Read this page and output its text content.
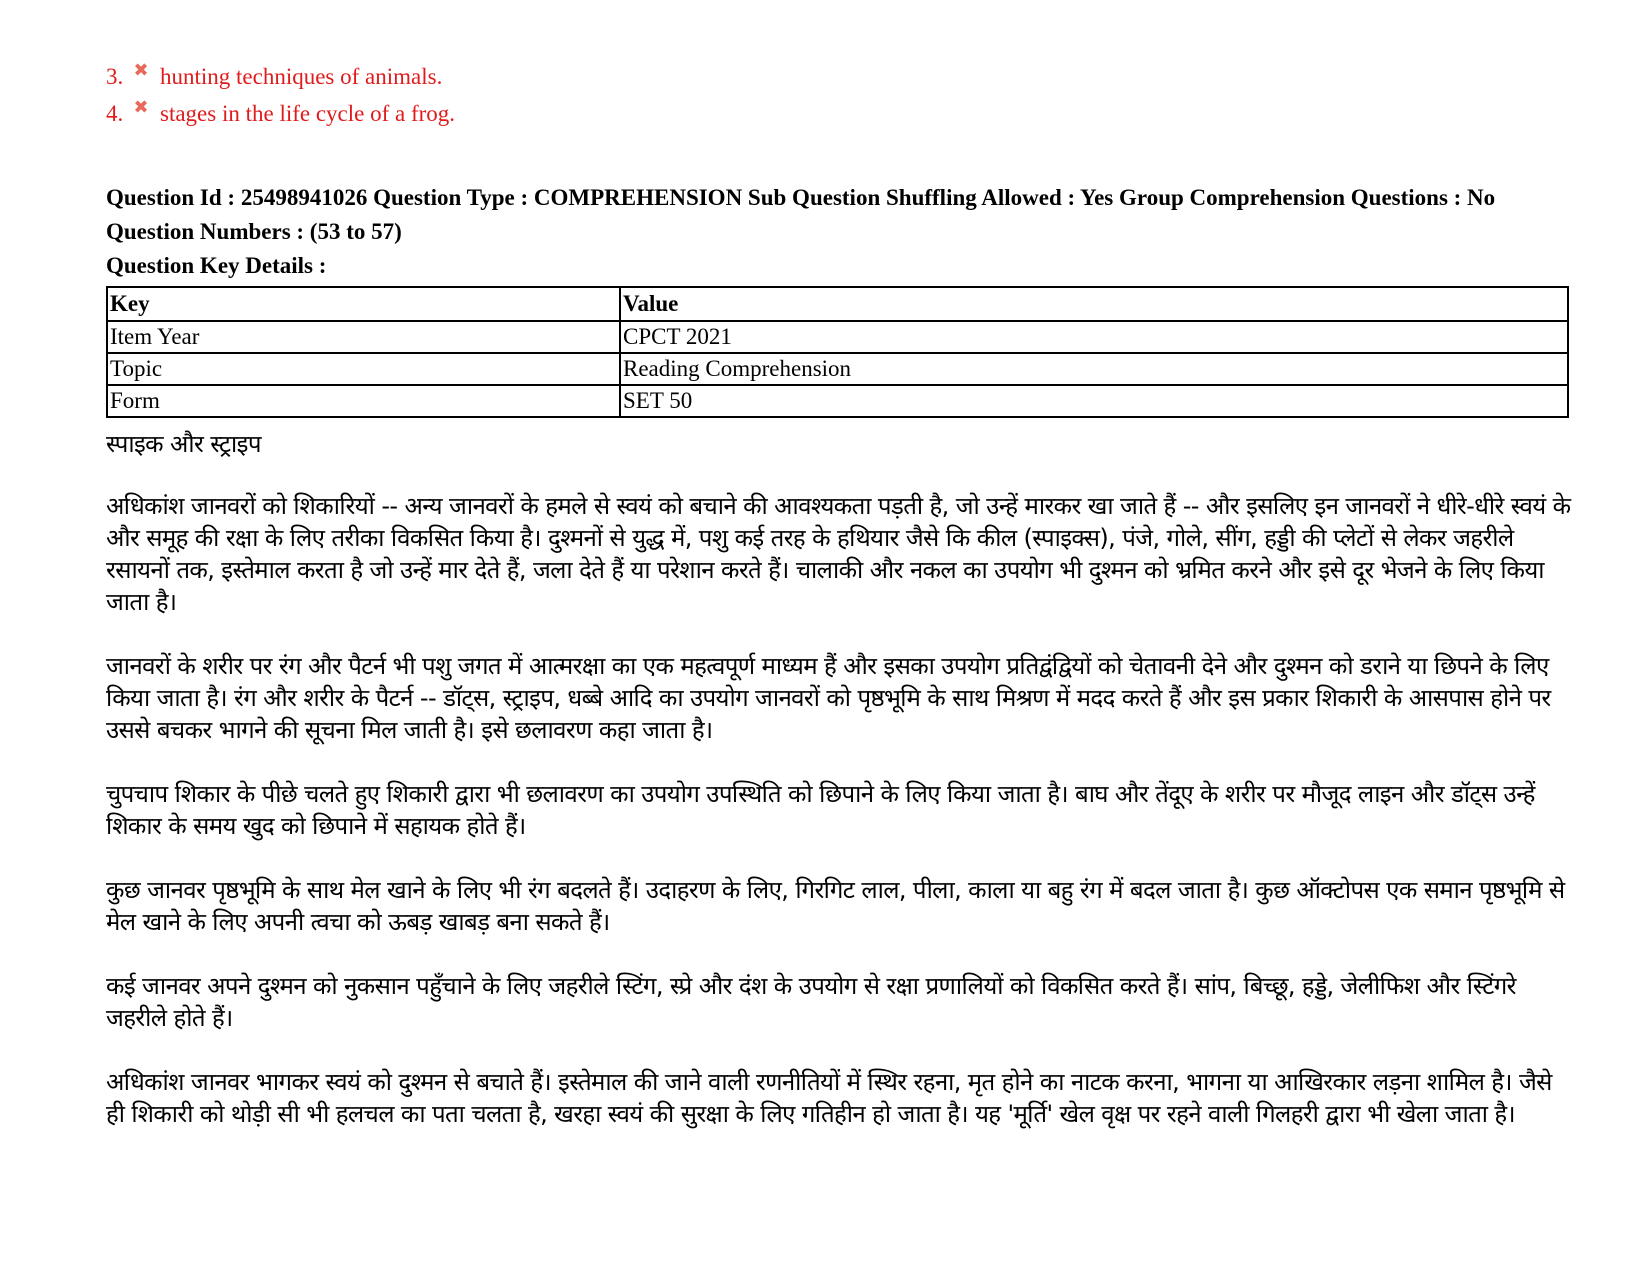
3. ✖ hunting techniques of animals.
4. ✖ stages in the life cycle of a frog.
Question Id : 25498941026 Question Type : COMPREHENSION Sub Question Shuffling Allowed : Yes Group Comprehension Questions : No
Question Numbers : (53 to 57)
Question Key Details :
Key	Value
Item Year	CPCT 2021
Topic	Reading Comprehension
Form	SET 50
स्पाइक और स्ट्राइप

अधिकांश जानवरों को शिकारियों -- अन्य जानवरों के हमले से स्वयं को बचाने की आवश्यकता पड़ती है, जो उन्हें मारकर खा जाते हैं -- और इसलिए इन जानवरों ने धीरे-धीरे स्वयं के और समूह की रक्षा के लिए तरीका विकसित किया है। दुश्मनों से युद्ध में, पशु कई तरह के हथियार जैसे कि कील (स्पाइक्स), पंजे, गोले, सींग, हड्डी की प्लेटों से लेकर जहरीले रसायनों तक, इस्तेमाल करता है जो उन्हें मार देते हैं, जला देते हैं या परेशान करते हैं। चालाकी और नकल का उपयोग भी दुश्मन को भ्रमित करने और इसे दूर भेजने के लिए किया जाता है।

जानवरों के शरीर पर रंग और पैटर्न भी पशु जगत में आत्मरक्षा का एक महत्वपूर्ण माध्यम हैं और इसका उपयोग प्रतिद्वंद्वियों को चेतावनी देने और दुश्मन को डराने या छिपने के लिए किया जाता है। रंग और शरीर के पैटर्न -- डॉट्स, स्ट्राइप, धब्बे आदि का उपयोग जानवरों को पृष्ठभूमि के साथ मिश्रण में मदद करते हैं और इस प्रकार शिकारी के आसपास होने पर उससे बचकर भागने की सूचना मिल जाती है। इसे छलावरण कहा जाता है।

चुपचाप शिकार के पीछे चलते हुए शिकारी द्वारा भी छलावरण का उपयोग उपस्थिति को छिपाने के लिए किया जाता है। बाघ और तेंदूए के शरीर पर मौजूद लाइन और डॉट्स उन्हें शिकार के समय खुद को छिपाने में सहायक होते हैं।

कुछ जानवर पृष्ठभूमि के साथ मेल खाने के लिए भी रंग बदलते हैं। उदाहरण के लिए, गिरगिट लाल, पीला, काला या बहु रंग में बदल जाता है। कुछ ऑक्टोपस एक समान पृष्ठभूमि से मेल खाने के लिए अपनी त्वचा को ऊबड़ खाबड़ बना सकते हैं।

कई जानवर अपने दुश्मन को नुकसान पहुँचाने के लिए जहरीले स्टिंग, स्प्रे और दंश के उपयोग से रक्षा प्रणालियों को विकसित करते हैं। सांप, बिच्छू, हड्डे, जेलीफिश और स्टिंगरे जहरीले होते हैं।

अधिकांश जानवर भागकर स्वयं को दुश्मन से बचाते हैं। इस्तेमाल की जाने वाली रणनीतियों में स्थिर रहना, मृत होने का नाटक करना, भागना या आखिरकार लड़ना शामिल है। जैसे ही शिकारी को थोड़ी सी भी हलचल का पता चलता है, खरहा स्वयं की सुरक्षा के लिए गतिहीन हो जाता है। यह 'मूर्ति' खेल वृक्ष पर रहने वाली गिलहरी द्वारा भी खेला जाता है।
